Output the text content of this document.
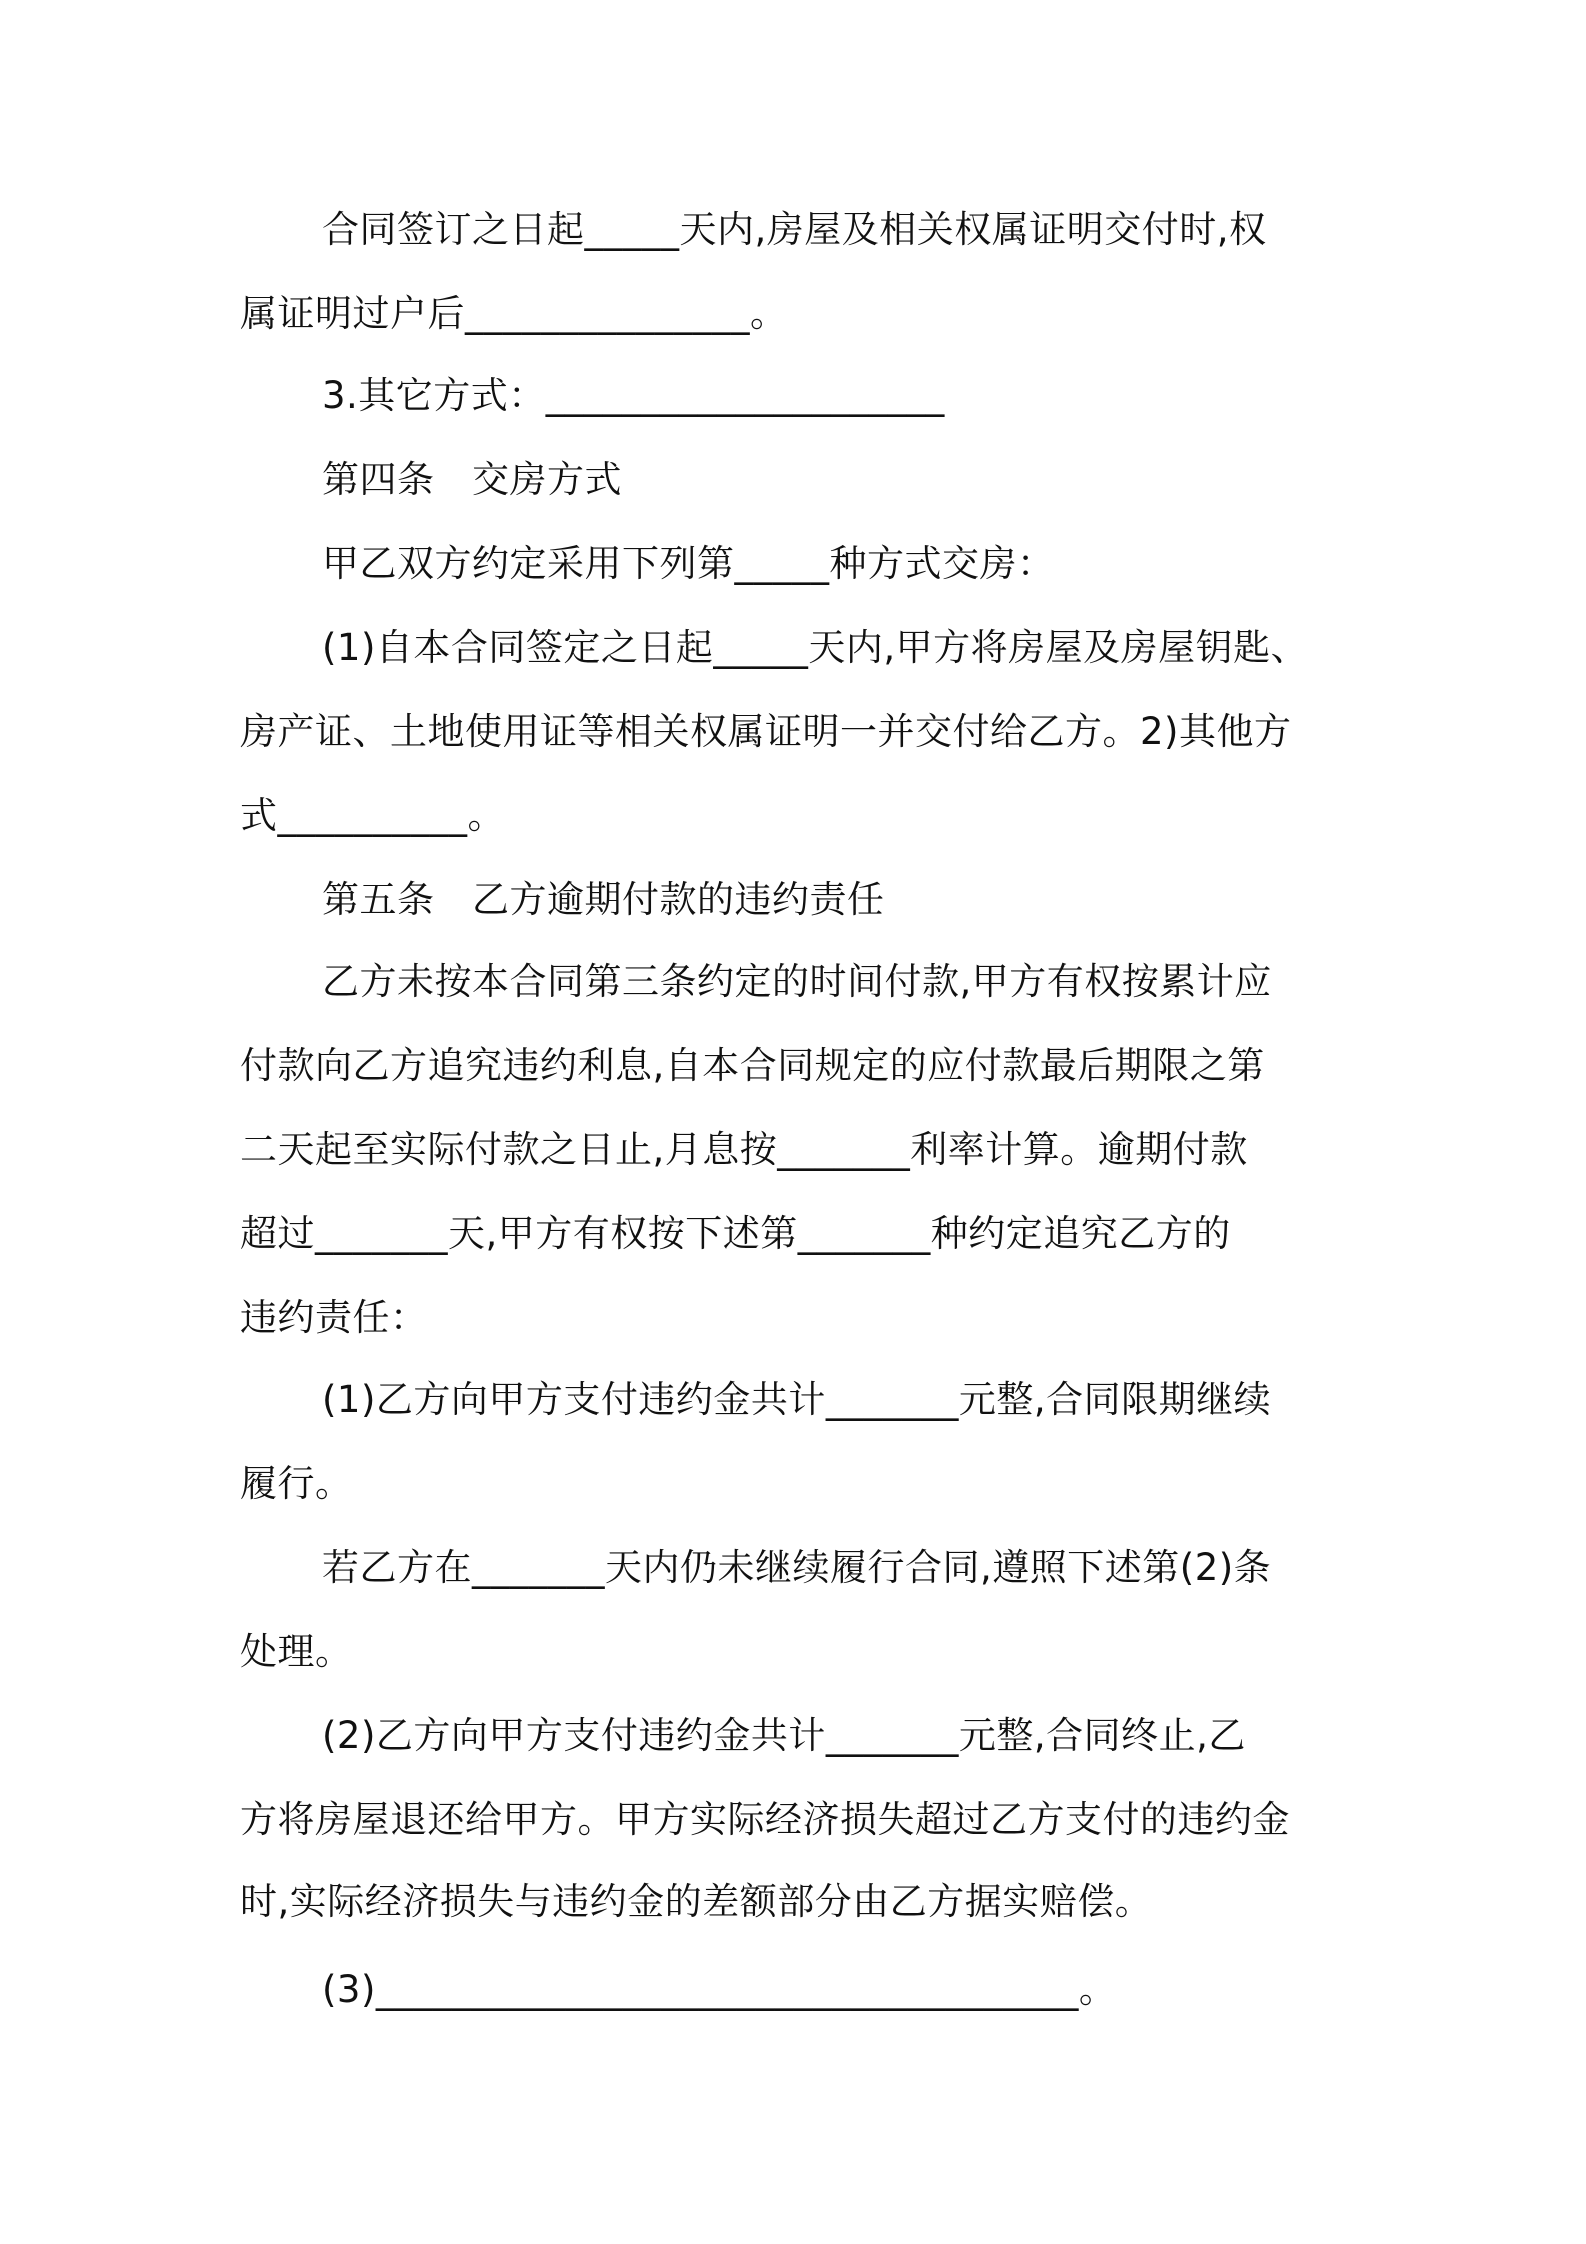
合同签订之日起_____天内,房屋及相关权属证明交付时,权
属证明过户后_______________。
3.其它方式：_____________________
第四条　交房方式
甲乙双方约定采用下列第_____种方式交房：
(1)自本合同签定之日起_____天内,甲方将房屋及房屋钥匙、
房产证、土地使用证等相关权属证明一并交付给乙方。2)其他方
式__________。
第五条　乙方逾期付款的违约责任
乙方未按本合同第三条约定的时间付款,甲方有权按累计应
付款向乙方追究违约利息,自本合同规定的应付款最后期限之第
二天起至实际付款之日止,月息按_______利率计算。逾期付款
超过_______天,甲方有权按下述第_______种约定追究乙方的
违约责任：
(1)乙方向甲方支付违约金共计_______元整,合同限期继续
履行。
若乙方在_______天内仍未继续履行合同,遵照下述第(2)条
处理。
(2)乙方向甲方支付违约金共计_______元整,合同终止,乙
方将房屋退还给甲方。甲方实际经济损失超过乙方支付的违约金
时,实际经济损失与违约金的差额部分由乙方据实赔偿。
(3)_____________________________________。
